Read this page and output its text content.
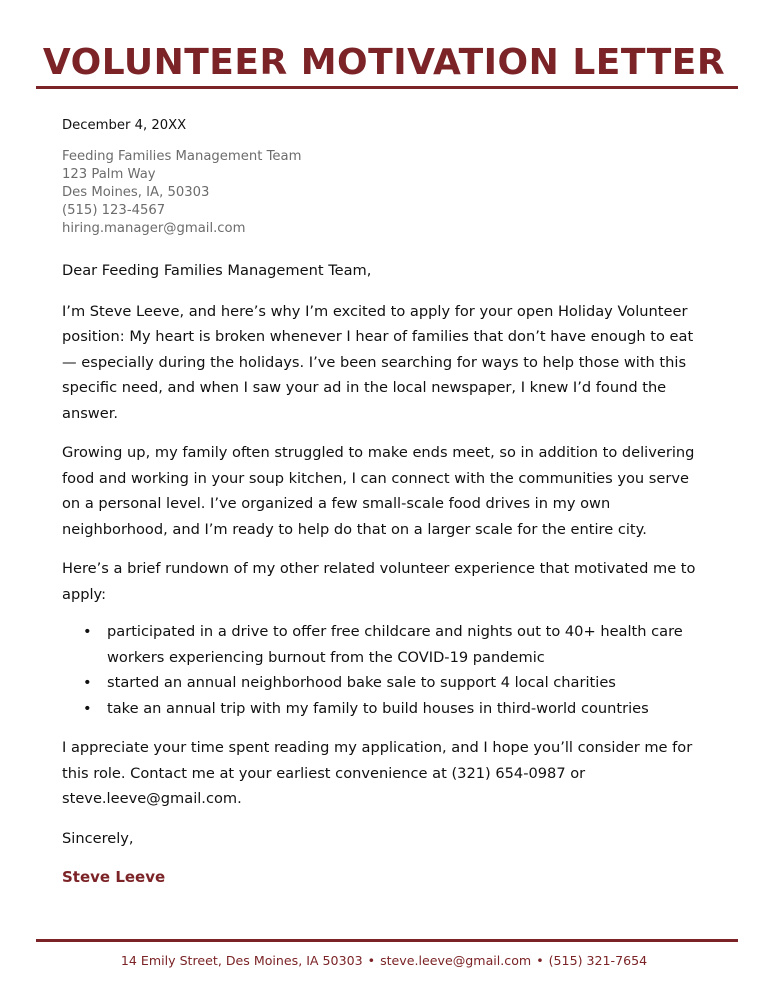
VOLUNTEER MOTIVATION LETTER

December 4, 20XX

Feeding Families Management Team
123 Palm Way
Des Moines, IA, 50303
(515) 123-4567
hiring.manager@gmail.com

Dear Feeding Families Management Team,

I’m Steve Leeve, and here’s why I’m excited to apply for your open Holiday Volunteer position: My heart is broken whenever I hear of families that don’t have enough to eat — especially during the holidays. I’ve been searching for ways to help those with this specific need, and when I saw your ad in the local newspaper, I knew I’d found the answer.

Growing up, my family often struggled to make ends meet, so in addition to delivering food and working in your soup kitchen, I can connect with the communities you serve on a personal level. I’ve organized a few small-scale food drives in my own neighborhood, and I’m ready to help do that on a larger scale for the entire city.

Here’s a brief rundown of my other related volunteer experience that motivated me to apply:

• participated in a drive to offer free childcare and nights out to 40+ health care workers experiencing burnout from the COVID-19 pandemic
• started an annual neighborhood bake sale to support 4 local charities
• take an annual trip with my family to build houses in third-world countries

I appreciate your time spent reading my application, and I hope you’ll consider me for this role. Contact me at your earliest convenience at (321) 654-0987 or steve.leeve@gmail.com.

Sincerely,

Steve Leeve

14 Emily Street, Des Moines, IA 50303 • steve.leeve@gmail.com • (515) 321-7654
